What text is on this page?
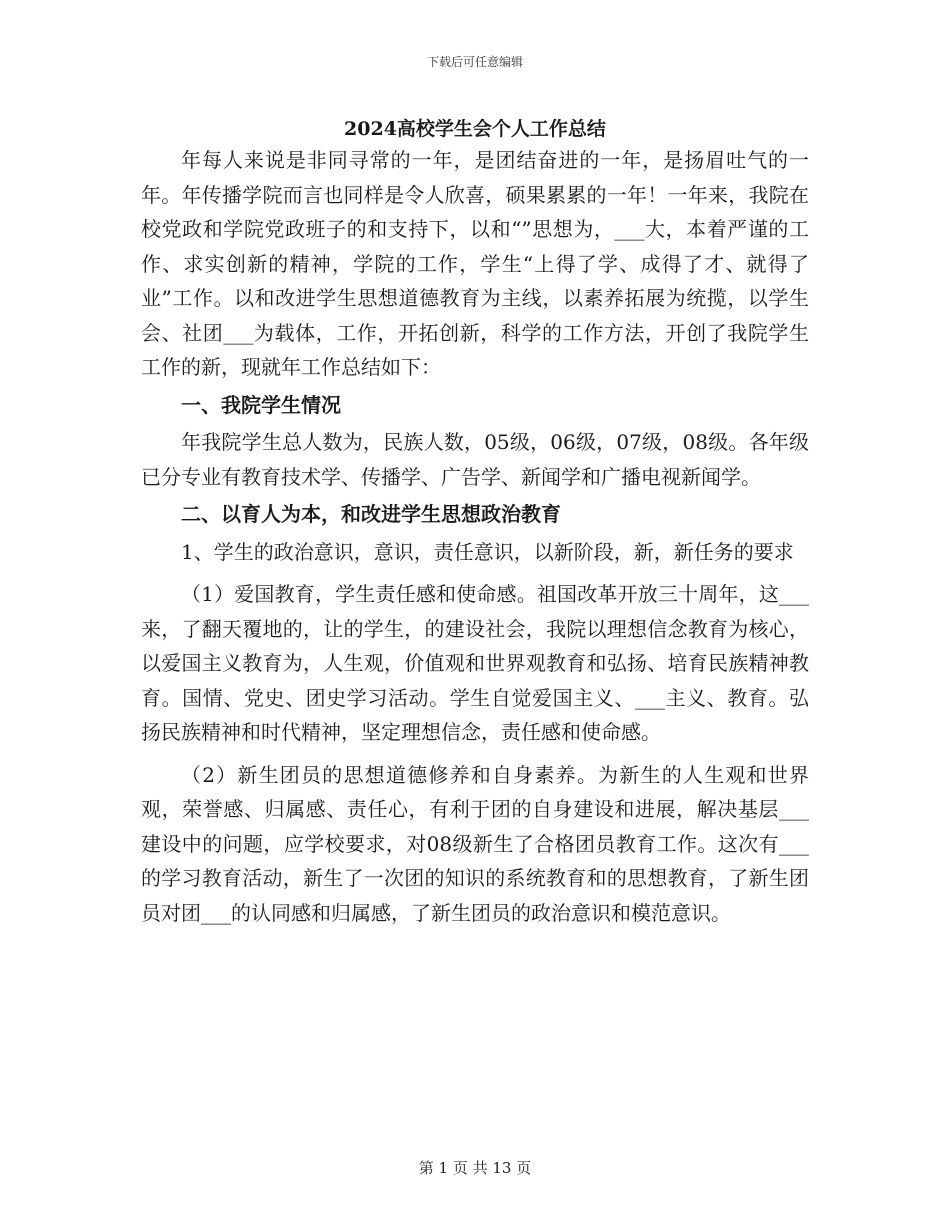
下载后可任意编辑
2024高校学生会个人工作总结

年每人来说是非同寻常的一年，是团结奋进的一年，是扬眉吐气的一年。年传播学院而言也同样是令人欣喜，硕果累累的一年！一年来，我院在校党政和学院党政班子的和支持下，以和“”思想为，___大，本着严谨的工作、求实创新的精神，学院的工作，学生“上得了学、成得了才、就得了业”工作。以和改进学生思想道德教育为主线，以素养拓展为统揽，以学生会、社团___为载体，工作，开拓创新，科学的工作方法，开创了我院学生工作的新，现就年工作总结如下：

一、我院学生情况

年我院学生总人数为，民族人数，05级，06级，07级，08级。各年级已分专业有教育技术学、传播学、广告学、新闻学和广播电视新闻学。

二、以育人为本，和改进学生思想政治教育

1、学生的政治意识，意识，责任意识，以新阶段，新，新任务的要求

（1）爱国教育，学生责任感和使命感。祖国改革开放三十周年，这___来，了翻天覆地的，让的学生，的建设社会，我院以理想信念教育为核心，以爱国主义教育为，人生观，价值观和世界观教育和弘扬、培育民族精神教育。国情、党史、团史学习活动。学生自觉爱国主义、___主义、教育。弘扬民族精神和时代精神，坚定理想信念，责任感和使命感。

（2）新生团员的思想道德修养和自身素养。为新生的人生观和世界观，荣誉感、归属感、责任心，有利于团的自身建设和进展，解决基层___建设中的问题，应学校要求，对08级新生了合格团员教育工作。这次有___的学习教育活动，新生了一次团的知识的系统教育和的思想教育，了新生团员对团___的认同感和归属感，了新生团员的政治意识和模范意识。

第 1 页 共 13 页
